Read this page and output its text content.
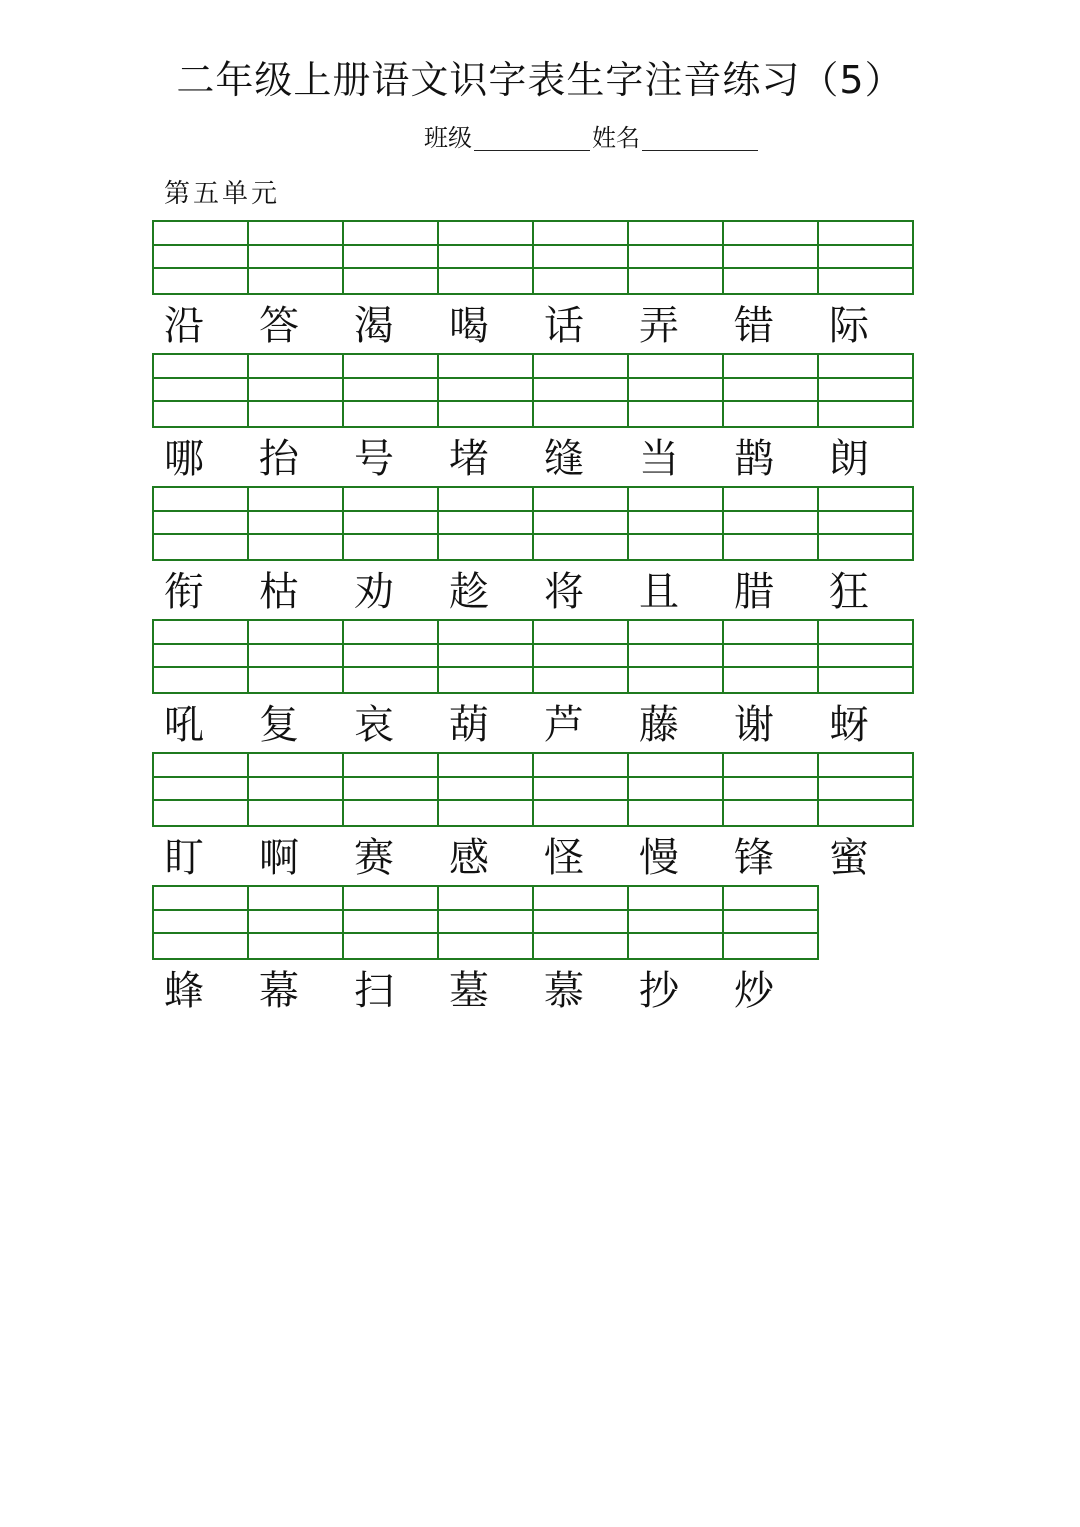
二年级上册语文识字表生字注音练习（5）
班级	姓名
第五单元
沿	答	渴	喝	话	弄	错	际
哪	抬	号	堵	缝	当	鹊	朗
衔	枯	劝	趁	将	且	腊	狂
吼	复	哀	葫	芦	藤	谢	蚜
盯	啊	赛	感	怪	慢	锋	蜜
蜂	幕	扫	墓	慕	抄	炒
